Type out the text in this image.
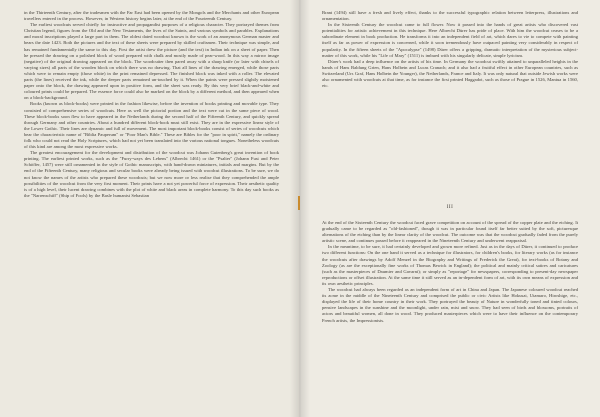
in the Thirteenth Century, after the tradesmen with the Far East had been opened by the Mongols and the Merchants and other European travellers entered in the process. However, in Western history begins later, at the end of the Fourteenth Century.

The earliest woodcuts served chiefly for instructive and propagandist purposes of a religious character. They portrayed themes from Christian legend, figures from the Old and the New Testaments, the lives of the Saints, and various symbols and parables. Explanations and moral inscriptions played a large part in them. The oldest dated woodcut known is the work of an anonymous German master and bears the date 1423. Both the pictures and the text of these sheets were prepared by skilled craftsmen. Their technique was simple, and has remained fundamentally the same to this day. First the artist drew the picture (and the text) in Indian ink on a sheet of paper. Then he pressed the drawing on a polished block of wood prepared with chalk and mostly made of pear-wood. In this way a mirror image (negative) of the original drawing appeared on the block. The woodcutter then pared away with a sharp knife (or later with chisels of varying sizes) all parts of the wooden block on which there was no drawing. That all lines of the drawing emerged, while those parts which were to remain empty (those white) in the print remained depressed. The finished block was inked with a roller. The elevated parts (the lines) received the ink, while the deeper parts remained un-touched by it. When the paints were pressed slightly moistened paper onto the block, the drawing appeared upon in positive form, and the sheet was ready. By this very brief black-and-white and coloured prints could be prepared. The essence force could also be marked on the block by a different method, and then appeared when on a block-background.

Books (known as block-books) were printed in the fashion likewise, before the invention of books printing and movable type. They consisted of comprehensive series of woodcuts. Here as well the pictorial portion and the text were cut in the same piece of wood. These block-books soon flew to have appeared in the Netherlands during the second half of the Fifteenth Century, and quickly spread through Germany and other countries. About a hundred different block-book must still exist. They are in the expressive linear style of the Lower Gothic. Their lines are dynamic and full of movement. The most important block-books consist of series of woodcuts which bear the characteristic name of "Biblia Pauperum" or "Poor Man's Bible." These are Bibles for the "poor in spirit," namely the ordinary folk who could not read the Holy Scriptures, which had not yet been translated into the various national tongues. Nonetheless woodcuts of this kind are among the most expressive works.

The greatest encouragement for the development and distribution of the woodcut was Johann Gutenberg's great invention of book printing. The earliest printed works, such as the "Furry-ways des Lebens" (Albrecht 1461) or the "Psalter" (Johann Fust and Peter Schöffer, 1457) were still ornamented in the style of Gothic manuscripts, with hand-drawn miniatures, initials and margins. But by the end of the Fifteenth Century, many religious and secular books were already being issued with woodcut illustrations. To be sure, we do not know the names of the artists who prepared these woodcuts; but we now more or less realise that they comprehended the ample possibilities of the woodcut from the very first moment. Their prints have a not yet powerful force of expression. Their aesthetic quality is of a high level, their lucent drawing combines with the plot of white and black areas in complete harmony. To this day such books as the "Narrenschiff" (Ship of Fools) by the Basle humanist Sebastian

Brant (1494) still have a fresh and lively effect, thanks to the successful typographic relation between letterpress, illustrations and ornamentation.

In the Sixteenth Century the woodcut came to full flower. Now it passed into the hands of great artists who discovered vast potentialities for artistic achievement in this technique. Here Albrecht Dürer has pride of place. With him the woodcut ceases to be a subordinate element in book production. He transforms it into an independent field of art, which dares to vie to compete with painting itself as far as power of expression is concerned, while it soon tremendously have outpaced painting very considerably in respect of popularity. In the fifteen sheets of the "Apocalypse" (1498) Dürer offers a gripping, dramatic interpretation of the mysterious subject-matter of this work, while his "Life of Mary" (1511) is imbued with his singularly delicate, simple lyricism.

Dürer's work had a deep influence on the artists of his time. In Germany the woodcut swiftly attained to unparalleled heights in the hands of Hans Baldung Grien, Hans Holbein and Lucas Cranach; and it also had a fruitful effect in other European countries, such as Switzerland (Urs Graf, Hans Holbein the Younger), the Netherlands, France and Italy. It was only natural that outside Jewish works were also ornamented with woodcuts at that time, as for instance the first printed Haggadot, such as those of Prague in 1526, Mantua in 1560, etc.

III

At the end of the Sixteenth Century the woodcut faced grave competition on account of the spread of the copper plate and the etching. It gradually came to be regarded as "old-fashioned", though it was in particular found itself far better suited by the soft, picturesque alternations of the etching than by the linear clarity of the woodcut. The outcome was that the woodcut gradually faded from the purely artistic scene, and continues passed before it reappeared in the Nineteenth Century and underwent reappraisal.

In the meantime, to be sure, it had certainly developed and grown more refined. Just as in the days of Dürer, it continued to produce two different functions: On the one hand it served as a technique for illustrators, for children's books, for literary works (as for instance the woodcuts after drawings by Adolf Menzel in the Biography and Writings of Frederick the Great), for text-books of Botany and Zoology (as are the exceptionally fine works of Thomas Bewick in England); the political and mainly critical satires and caricatures (such as the masterpieces of Daumier and Gavarni); or simply as "reportage" for newspapers, corresponding to present-day newspaper reproductions or offset illustration. At the same time it still served as an in-dependent form of art, with its own means of expression and its own aesthetic principles.

The woodcut had always been regarded as an independent form of art in China and Japan. The Japanese coloured woodcut reached its acme in the middle of the Nineteenth Century and comprised the public or civic Artists like Hokusai, Utamaro, Hiroshige, etc., displayed the life of their home country in their work. They portrayed the beauty of Nature in wonderfully toned and tinted colours, pensive landscapes in the sunshine and the moonlight, under rain, mist and snow. They had seen of birds and blossoms, portraits of actors and beautiful women, all done in wood. They produced masterpieces which were to have their influence on the contemporary French artists, the Impressionists.
